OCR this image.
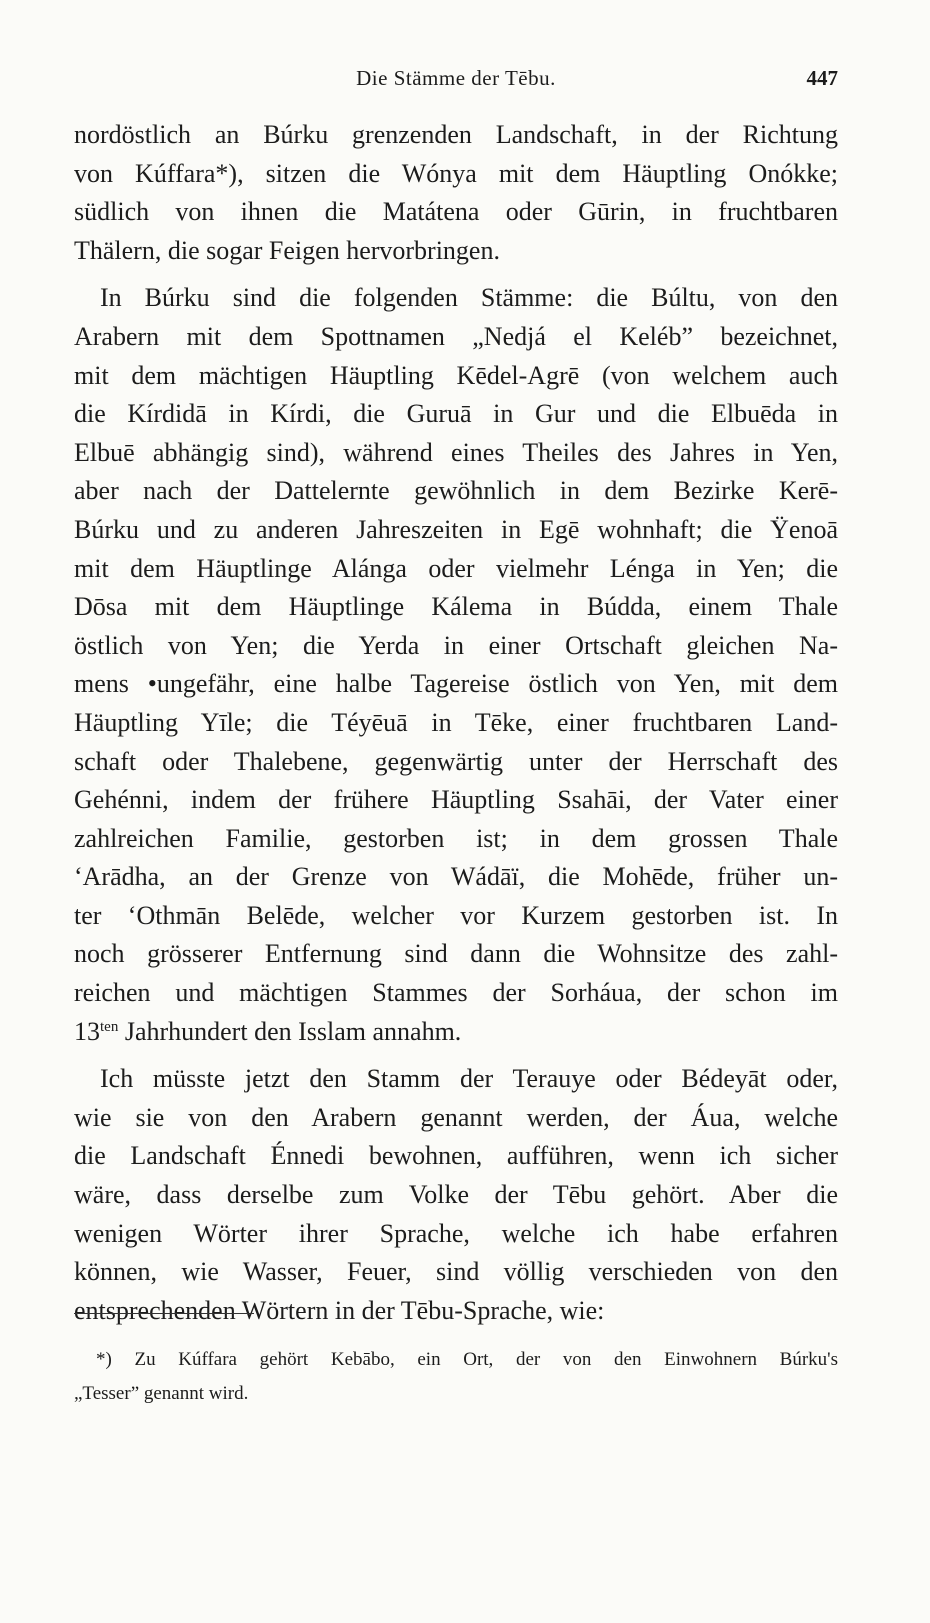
Die Stämme der Tēbu.	447
nordöstlich an Búrku grenzenden Landschaft, in der Richtung
von Kúffara*), sitzen die Wónya mit dem Häuptling Onókke;
südlich von ihnen die Matátena oder Gūrin, in fruchtbaren
Thälern, die sogar Feigen hervorbringen.
In Búrku sind die folgenden Stämme: die Búltu, von den
Arabern mit dem Spottnamen „Nedjá el Keléb” bezeichnet,
mit dem mächtigen Häuptling Kēdel-Agrē (von welchem auch
die Kírdidā in Kírdi, die Guruā in Gur und die Elbuēda in
Elbuē abhängig sind), während eines Theiles des Jahres in Yen,
aber nach der Dattelernte gewöhnlich in dem Bezirke Kerē-
Búrku und zu anderen Jahreszeiten in Egē wohnhaft; die Ÿenoā
mit dem Häuptlinge Alánga oder vielmehr Lénga in Yen; die
Dōsa mit dem Häuptlinge Kálema in Búdda, einem Thale
östlich von Yen; die Yerda in einer Ortschaft gleichen Na-
mens •ungefähr, eine halbe Tagereise östlich von Yen, mit dem
Häuptling Yīle; die Téyēuā in Tēke, einer fruchtbaren Land-
schaft oder Thalebene, gegenwärtig unter der Herrschaft des
Gehénni, indem der frühere Häuptling Ssahāi, der Vater einer
zahlreichen Familie, gestorben ist; in dem grossen Thale
ʻArādha, an der Grenze von Wádāï, die Mohēde, früher un-
ter ʻOthmān Belēde, welcher vor Kurzem gestorben ist. In
noch grösserer Entfernung sind dann die Wohnsitze des zahl-
reichen und mächtigen Stammes der Sorháua, der schon im
$13^{ten}$ Jahrhundert den Isslam annahm.
Ich müsste jetzt den Stamm der Terauye oder Bédeyāt oder,
wie sie von den Arabern genannt werden, der Áua, welche
die Landschaft Énnedi bewohnen, aufführen, wenn ich sicher
wäre, dass derselbe zum Volke der Tēbu gehört. Aber die
wenigen Wörter ihrer Sprache, welche ich habe erfahren
können, wie Wasser, Feuer, sind völlig verschieden von den
entsprechenden Wörtern in der Tēbu-Sprache, wie:
*) Zu Kúffara gehört Kebābo, ein Ort, der von den Einwohnern Búrku's
„Tesser” genannt wird.
